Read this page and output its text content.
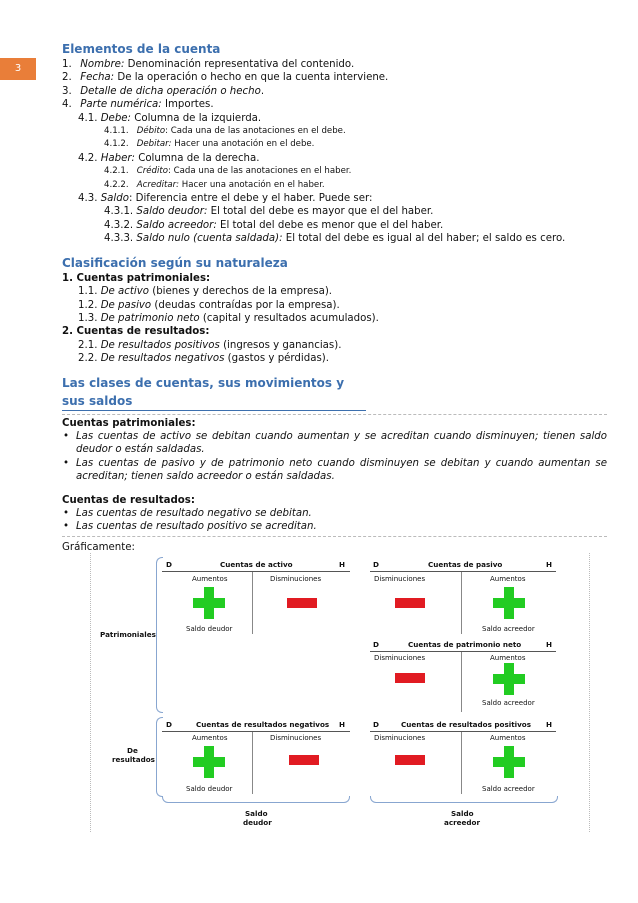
3
Elementos de la cuenta
1. Nombre: Denominación representativa del contenido.
2. Fecha: De la operación o hecho en que la cuenta interviene.
3. Detalle de dicha operación o hecho.
4. Parte numérica: Importes.
4.1. Debe: Columna de la izquierda.
4.1.1. Débito: Cada una de las anotaciones en el debe.
4.1.2. Debitar: Hacer una anotación en el debe.
4.2. Haber: Columna de la derecha.
4.2.1. Crédito: Cada una de las anotaciones en el haber.
4.2.2. Acreditar: Hacer una anotación en el haber.
4.3. Saldo: Diferencia entre el debe y el haber. Puede ser:
4.3.1. Saldo deudor: El total del debe es mayor que el del haber.
4.3.2. Saldo acreedor: El total del debe es menor que el del haber.
4.3.3. Saldo nulo (cuenta saldada): El total del debe es igual al del haber; el saldo es cero.
Clasificación según su naturaleza
1. Cuentas patrimoniales:
1.1. De activo (bienes y derechos de la empresa).
1.2. De pasivo (deudas contraídas por la empresa).
1.3. De patrimonio neto (capital y resultados acumulados).
2. Cuentas de resultados:
2.1. De resultados positivos (ingresos y ganancias).
2.2. De resultados negativos (gastos y pérdidas).
Las clases de cuentas, sus movimientos y sus saldos
Cuentas patrimoniales:
• Las cuentas de activo se debitan cuando aumentan y se acreditan cuando disminuyen; tienen saldo deudor o están saldadas.
• Las cuentas de pasivo y de patrimonio neto cuando disminuyen se debitan y cuando aumentan se acreditan; tienen saldo acreedor o están saldadas.
Cuentas de resultados:
• Las cuentas de resultado negativo se debitan.
• Las cuentas de resultado positivo se acreditan.
Gráficamente:
D	Cuentas de activo	H
Aumentos	Disminuciones
Saldo deudor
D	Cuentas de pasivo	H
Disminuciones	Aumentos
Saldo acreedor
D	Cuentas de patrimonio neto	H
Disminuciones	Aumentos
Saldo acreedor
Patrimoniales
D	Cuentas de resultados negativos H
Aumentos	Disminuciones
Saldo deudor
D	Cuentas de resultados positivos H
Disminuciones	Aumentos
Saldo acreedor
De
resultados
Saldo
deudor
Saldo
acreedor
